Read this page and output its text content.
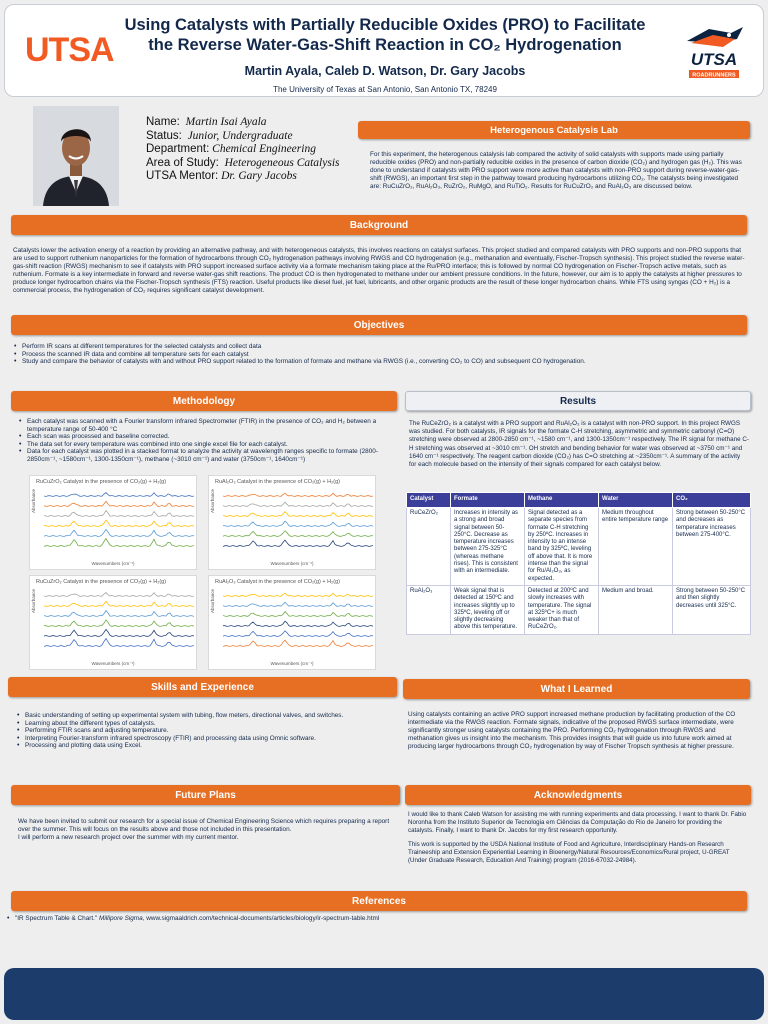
UTSA
Using Catalysts with Partially Reducible Oxides (PRO) to Facilitate
the Reverse Water-Gas-Shift Reaction in CO₂ Hydrogenation
Martin Ayala, Caleb D. Watson, Dr. Gary Jacobs
The University of Texas at San Antonio, San Antonio TX, 78249
UTSA
ROADRUNNERS
Name: Martin Isai Ayala
Status: Junior, Undergraduate
Department: Chemical Engineering
Area of Study: Heterogeneous Catalysis
UTSA Mentor: Dr. Gary Jacobs
Heterogenous Catalysis Lab
For this experiment, the heterogenous catalysis lab compared the activity of solid catalysts with supports made using partially reducible oxides (PRO) and non-partially reducible oxides in the presence of carbon dioxide (CO₂) and hydrogen gas (H₂). This was done to understand if catalysts with PRO support were more active than catalysts with non-PRO support during reverse-water-gas-shift (RWGS), an important first step in the pathway toward producing hydrocarbons utilizing CO₂. The catalysts being investigated are: RuCuZrO₂, RuAl₂O₃, RuZrO₂, RuMgO, and RuTiO₂. Results for RuCuZrO₂ and RuAl₂O₃ are discussed below.
Background
Catalysts lower the activation energy of a reaction by providing an alternative pathway, and with heterogeneous catalysts, this involves reactions on catalyst surfaces. This project studied and compared catalysts with PRO supports and non-PRO supports that are used to support ruthenium nanoparticles for the formation of hydrocarbons through CO₂ hydrogenation pathways involving RWGS and CO hydrogenation (e.g., methanation and eventually, Fischer-Tropsch synthesis). This project studied the reverse water-gas-shift reaction (RWGS) mechanism to see if catalysts with PRO support increased surface activity via a formate mechanism taking place at the Ru/PRO interface; this is followed by normal CO hydrogenation on Fischer-Tropsch active metals, such as ruthenium. Formate is a key intermediate in forward and reverse water-gas shift reactions. The product CO is then hydrogenated to methane under our ambient pressure conditions. In the future, however, our aim is to apply the catalysts at higher pressures to produce longer hydrocarbon chains via the Fischer-Tropsch synthesis (FTS) reaction. Useful products like diesel fuel, jet fuel, lubricants, and other organic products are the result of these longer hydrocarbon chains. While FTS using syngas (CO + H₂) is a commercial process, the hydrogenation of CO₂ requires significant catalyst development.
Objectives
• Perform IR scans at different temperatures for the selected catalysts and collect data
• Process the scanned IR data and combine all temperature sets for each catalyst
• Study and compare the behavior of catalysts with and without PRO support related to the formation of formate and methane via RWGS (i.e., converting CO₂ to CO) and subsequent CO hydrogenation.
Methodology
• Each catalyst was scanned with a Fourier transform infrared Spectrometer (FTIR) in the presence of CO₂ and H₂ between a temperature range of 50-400 °C
• Each scan was processed and baseline corrected.
• The data set for every temperature was combined into one single excel file for each catalyst.
• Data for each catalyst was plotted in a stacked format to analyze the activity at wavelength ranges specific to formate (2800-2850cm⁻¹, ~1580cm⁻¹, 1300-1350cm⁻¹), methane (~3010 cm⁻¹) and water (3750cm⁻¹, 1640cm⁻¹)
RuCuZrO₂ Catalyst in the presence of CO₂(g) + H₂(g)
Absorbance
Wavenumbers (cm⁻¹)
RuAl₂O₃ Catalyst in the presence of CO₂(g) + H₂(g)
Absorbance
Wavenumbers (cm⁻¹)
RuCuZrO₂ Catalyst in the presence of CO₂(g) + H₂(g)
Absorbance
Wavenumbers (cm⁻¹)
RuAl₂O₃ Catalyst in the presence of CO₂(g) + H₂(g)
Absorbance
Wavenumbers (cm⁻¹)
Results
The RuCeZrO₂ is a catalyst with a PRO support and RuAl₂O₃ is a catalyst with non-PRO support. In this project RWGS was studied. For both catalysts, IR signals for the formate C-H stretching, asymmetric and symmetric carbonyl (C=O) stretching were observed at 2800-2850 cm⁻¹, ~1580 cm⁻¹, and 1300-1350cm⁻¹ respectively. The IR signal for methane C-H stretching was observed at ~3010 cm⁻¹. OH stretch and bending behavior for water was observed at ~3750 cm⁻¹ and 1640 cm⁻¹ respectively. The reagent carbon dioxide (CO₂) has C=O stretching at ~2350cm⁻¹. A summary of the activity for each molecule based on the intensity of their signals compared for each catalyst below.
Catalyst	Formate	Methane	Water	CO₂
RuCeZrO₂	Increases in intensity as a strong and broad signal between 50-250°C. Decrease as temperature increases between 275-325°C (whereas methane rises). This is consistent with an intermediate.	Signal detected as a separate species from formate C-H stretching by 250ºC. Increases in intensity to an intense band by 325ºC, leveling off above that. It is more intense than the signal for Ru/Al₂O₃, as expected.	Medium throughout entire temperature range	Strong between 50-250°C and decreases as temperature increases between 275-400°C.
RuAl₂O₃	Weak signal that is detected at 150ºC and increases slightly up to 325ºC, leveling off or slightly decreasing above this temperature.	Detected at 200ºC and slowly increases with temperature. The signal at 325ºC+ is much weaker than that of RuCeZrO₂.	Medium and broad.	Strong between 50-250°C and then slightly decreases until 325°C.
Skills and Experience
• Basic understanding of setting up experimental system with tubing, flow meters, directional valves, and switches.
• Learning about the different types of catalysts.
• Performing FTIR scans and adjusting temperature.
• Interpreting Fourier-transform infrared spectroscopy (FTIR) and processing data using Omnic software.
• Processing and plotting data using Excel.
What I Learned
Using catalysts containing an active PRO support increased methane production by facilitating production of the CO intermediate via the RWGS reaction. Formate signals, indicative of the proposed RWGS surface intermediate, were significantly stronger using catalysts containing the PRO. Performing CO₂ hydrogenation through RWGS and methanation gives us insight into the mechanism. This provides insights that will guide us into future work aimed at producing larger hydrocarbons through CO₂ hydrogenation by way of Fischer Tropsch synthesis at higher pressure.
Future Plans
We have been invited to submit our research for a special issue of Chemical Engineering Science which requires preparing a report over the summer. This will focus on the results above and those not included in this presentation.
I will perform a new research project over the summer with my current mentor.
Acknowledgments
I would like to thank Caleb Watson for assisting me with running experiments and data processing. I want to thank Dr. Fabio Noronha from the Instituto Superior de Tecnologia em Ciências da Computação do Rio de Janeiro for providing the catalysts. Finally, I want to thank Dr. Jacobs for my first research opportunity.
This work is supported by the USDA National Institute of Food and Agriculture, Interdisciplinary Hands-on Research Traineeship and Extension Experiential Learning in Bioenergy/Natural Resources/Economics/Rural project, U-GREAT (Under Graduate Research, Education And Training) program (2016-67032-24984).
References
• "IR Spectrum Table & Chart." Millipore Sigma, www.sigmaaldrich.com/technical-documents/articles/biology/ir-spectrum-table.html
